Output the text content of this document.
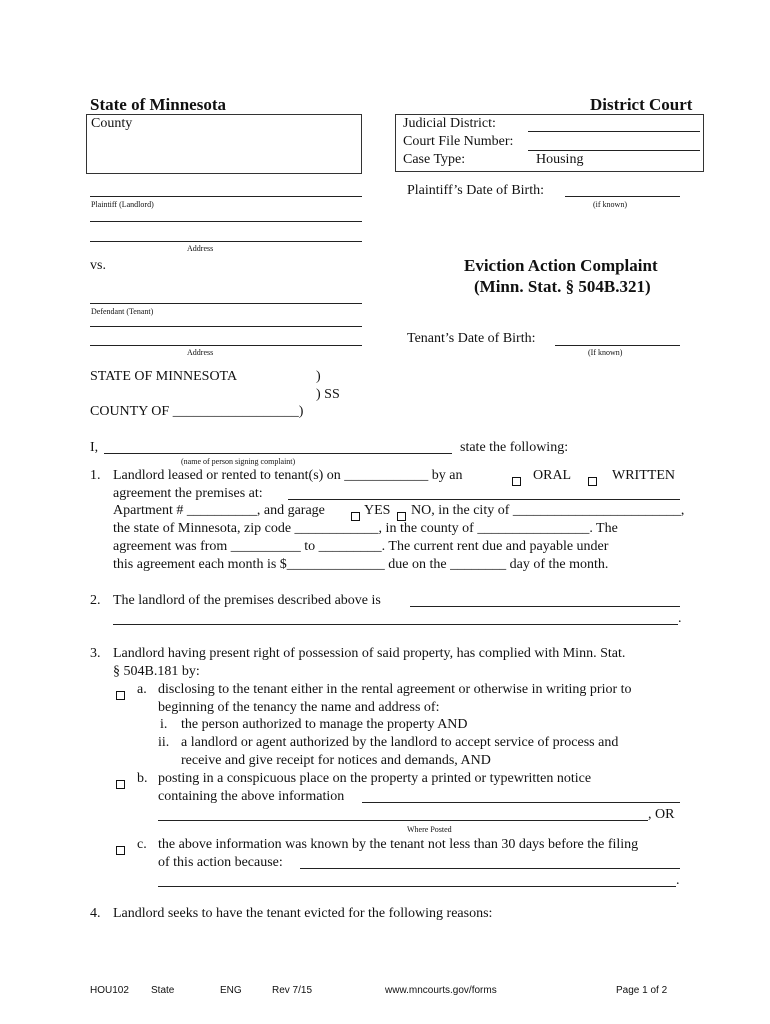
State of Minnesota	District Court
County	Judicial District:
Court File Number:
Case Type:	Housing
Plaintiff’s Date of Birth:
(if known)
Plaintiff (Landlord)
Address
vs.	Eviction Action Complaint
(Minn. Stat. § 504B.321)
Defendant (Tenant)
Address
Tenant’s Date of Birth:
(If known)
STATE OF MINNESOTA	)
) SS
COUNTY OF __________________)
I,	state the following:
(name of person signing complaint)
1. Landlord leased or rented to tenant(s) on ____________ by an	ORAL	WRITTEN
agreement the premises at:
Apartment # __________, and garage	YES NO, in the city of ________________________,
the state of Minnesota, zip code ____________, in the county of ________________. The
agreement was from __________ to _________. The current rent due and payable under
this agreement each month is $______________ due on the ________ day of the month.
2. The landlord of the premises described above is
.
3. Landlord having present right of possession of said property, has complied with Minn. Stat.
§ 504B.181 by:
a. disclosing to the tenant either in the rental agreement or otherwise in writing prior to
beginning of the tenancy the name and address of:
i. the person authorized to manage the property AND
ii. a landlord or agent authorized by the landlord to accept service of process and
receive and give receipt for notices and demands, AND
b. posting in a conspicuous place on the property a printed or typewritten notice
containing the above information
, OR
Where Posted
c. the above information was known by the tenant not less than 30 days before the filing
of this action because:
.
4. Landlord seeks to have the tenant evicted for the following reasons:
HOU102 State	ENG	Rev 7/15	www.mncourts.gov/forms	Page 1 of 2
